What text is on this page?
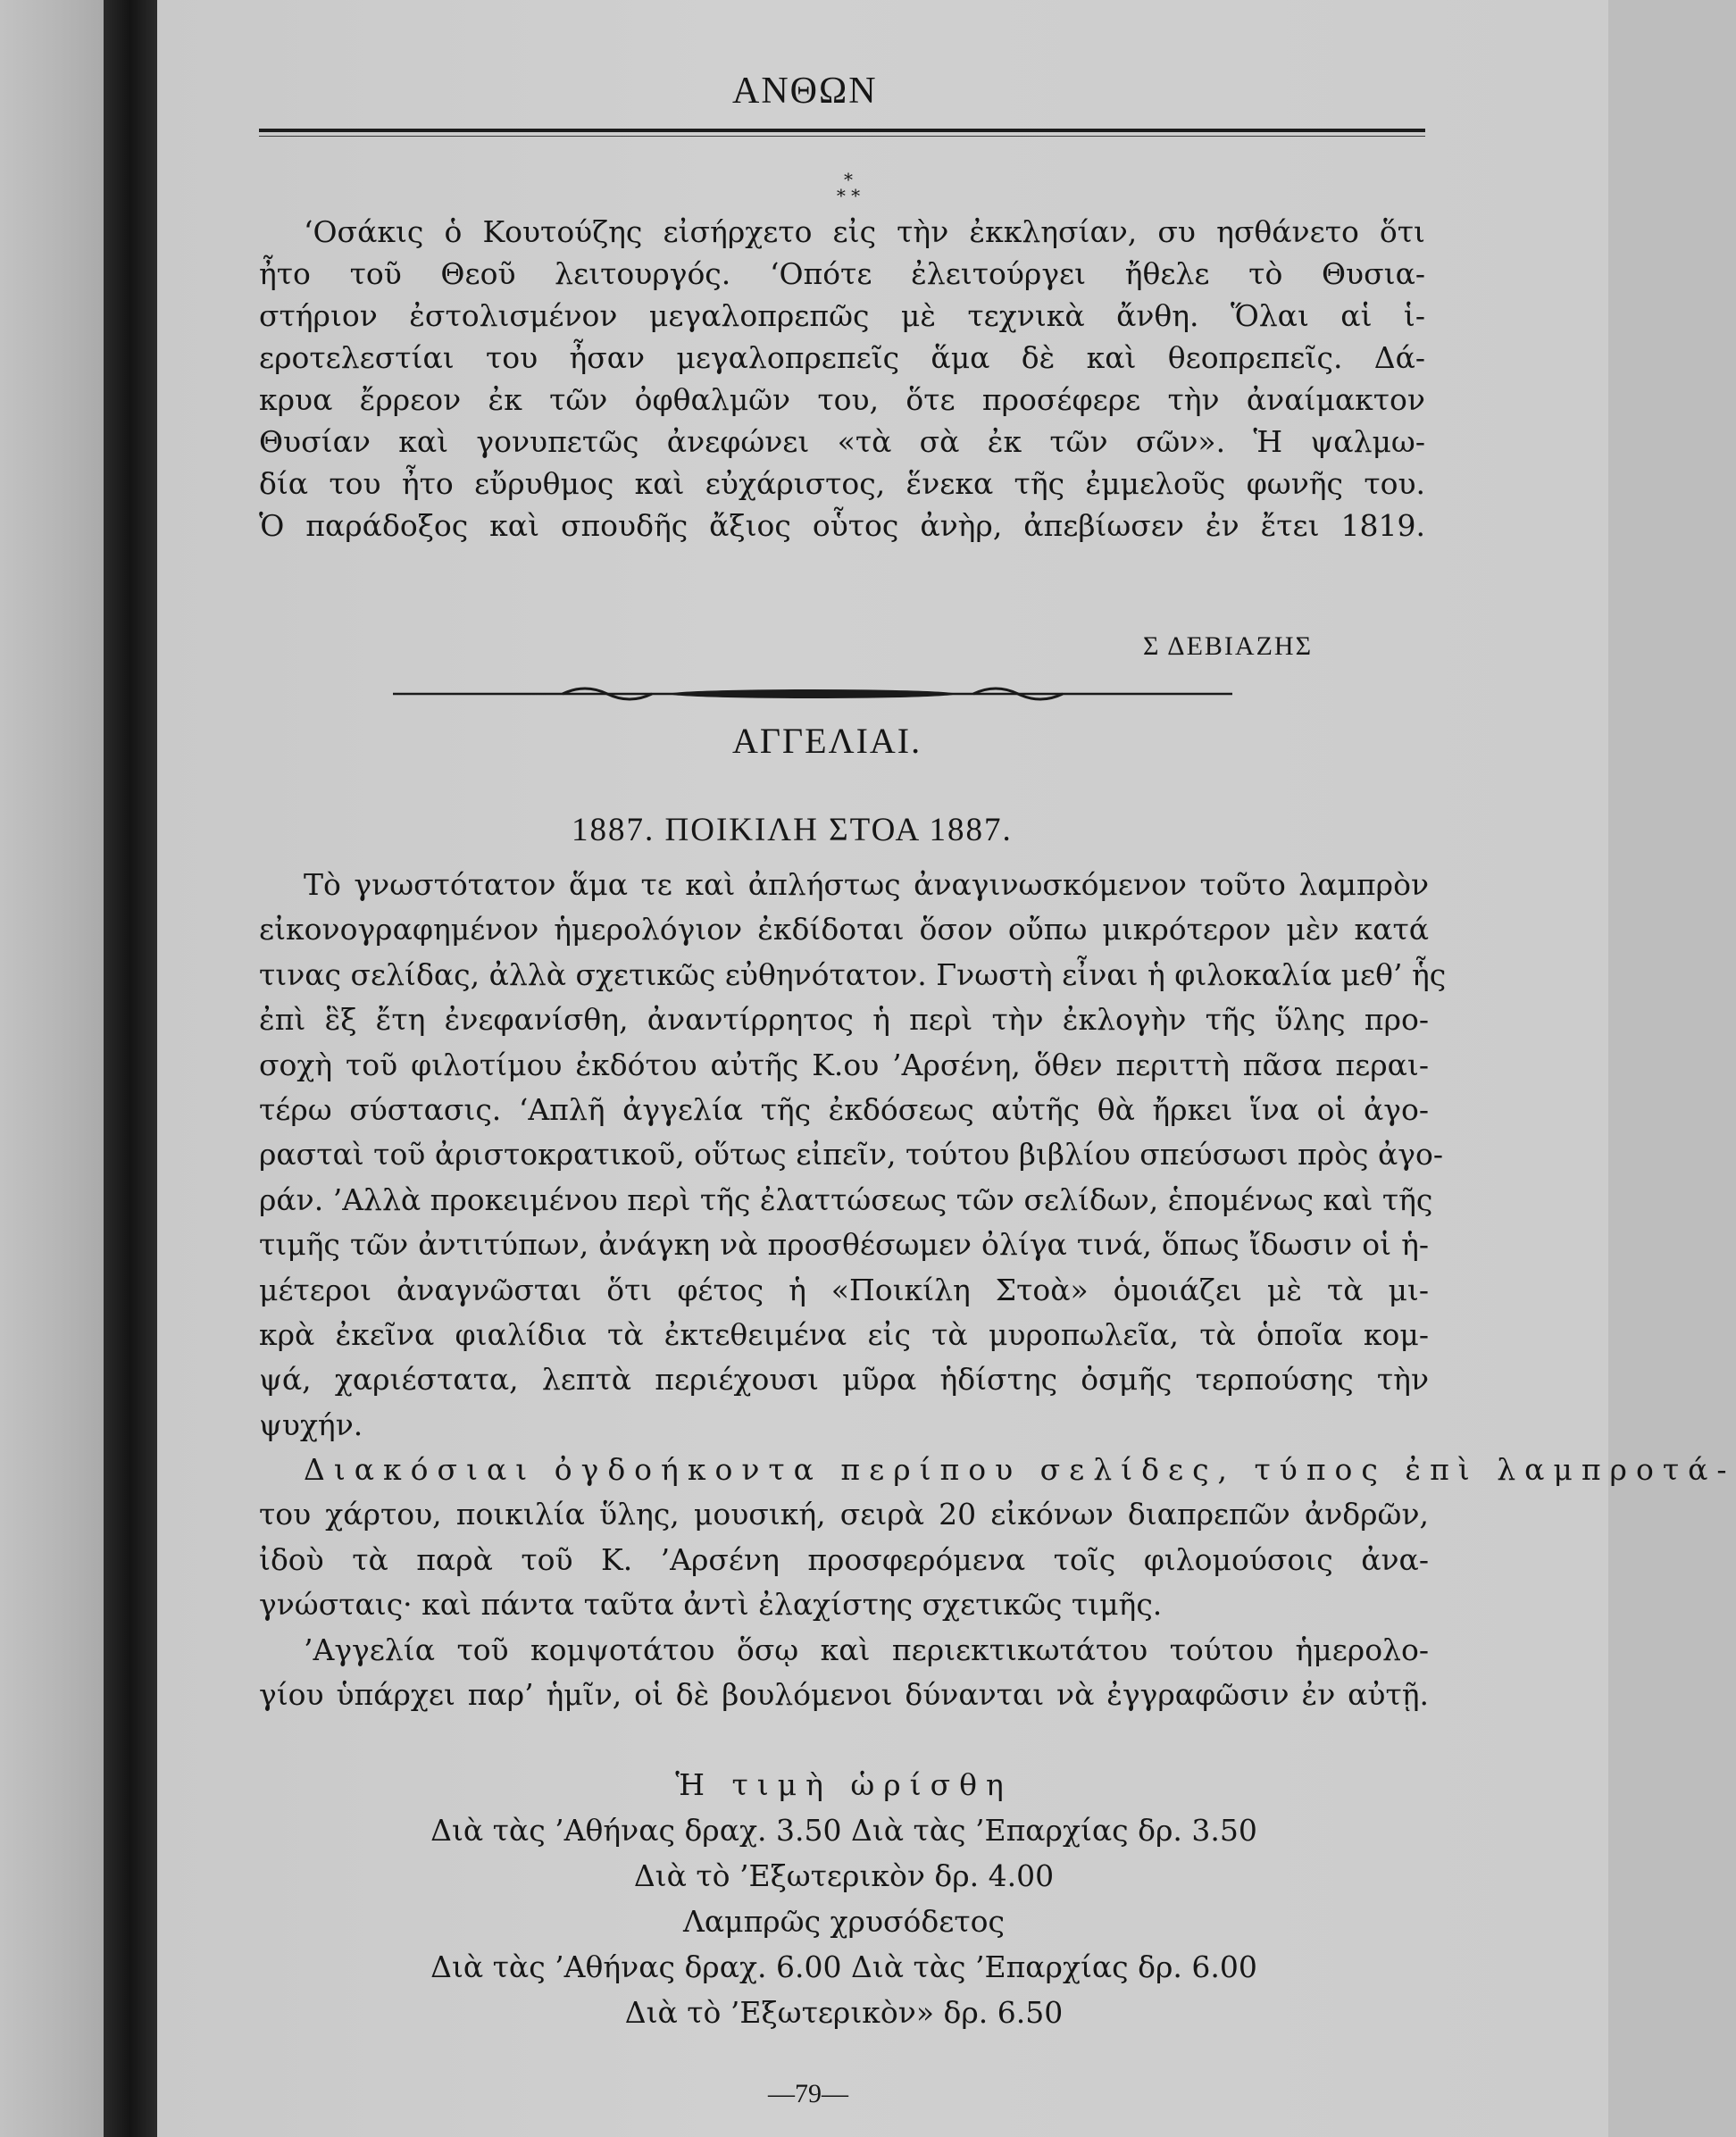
ΑΝΘΩΝ
*
* *
‘Οσάκις ὁ Κουτούζης εἰσήρχετο εἰς τὴν ἐκκλησίαν, συ ησθάνετο ὅτι
ἦτο τοῦ Θεοῦ λειτουργός. ‘Οπότε ἐλειτούργει ἤθελε τὸ Θυσια-
στήριον ἐστολισμένον μεγαλοπρεπῶς μὲ τεχνικὰ ἄνθη. Ὅλαι αἱ ἱ-
εροτελεστίαι του ἦσαν μεγαλοπρεπεῖς ἅμα δὲ καὶ θεοπρεπεῖς. Δά-
κρυα ἔρρεον ἐκ τῶν ὀφθαλμῶν του, ὅτε προσέφερε τὴν ἀναίμακτον
Θυσίαν καὶ γονυπετῶς ἀνεφώνει «τὰ σὰ ἐκ τῶν σῶν». Ἡ ψαλμω-
δία του ἦτο εὔρυθμος καὶ εὐχάριστος, ἕνεκα τῆς ἐμμελοῦς φωνῆς του.
Ὁ παράδοξος καὶ σπουδῆς ἄξιος οὗτος ἀνὴρ, ἀπεβίωσεν ἐν ἔτει 1819.
Σ ΔΕΒΙΑΖΗΣ
ΑΓΓΕΛΙΑΙ.
1887. ΠΟΙΚΙΛΗ ΣΤΟΑ 1887.
Τὸ γνωστότατον ἅμα τε καὶ ἀπλήστως ἀναγινωσκόμενον τοῦτο λαμπρὸν
εἰκονογραφημένον ἡμερολόγιον ἐκδίδοται ὅσον οὔπω μικρότερον μὲν κατά
τινας σελίδας, ἀλλὰ σχετικῶς εὐθηνότατον. Γνωστὴ εἶναι ἡ φιλοκαλία μεθ’ ἧς
ἐπὶ ἓξ ἔτη ἐνεφανίσθη, ἀναντίρρητος ἡ περὶ τὴν ἐκλογὴν τῆς ὕλης προ-
σοχὴ τοῦ φιλοτίμου ἐκδότου αὐτῆς Κ.ου ’Αρσένη, ὅθεν περιττὴ πᾶσα περαι-
τέρω σύστασις. ‘Απλῆ ἀγγελία τῆς ἐκδόσεως αὐτῆς θὰ ἤρκει ἵνα οἱ ἀγο-
ρασταὶ τοῦ ἀριστοκρατικοῦ, οὕτως εἰπεῖν, τούτου βιβλίου σπεύσωσι πρὸς ἀγο-
ράν. ’Αλλὰ προκειμένου περὶ τῆς ἐλαττώσεως τῶν σελίδων, ἑπομένως καὶ τῆς
τιμῆς τῶν ἀντιτύπων, ἀνάγκη νὰ προσθέσωμεν ὀλίγα τινά, ὅπως ἴδωσιν οἱ ἡ-
μέτεροι ἀναγνῶσται ὅτι φέτος ἡ «Ποικίλη Στοὰ» ὁμοιάζει μὲ τὰ μι-
κρὰ ἐκεῖνα φιαλίδια τὰ ἐκτεθειμένα εἰς τὰ μυροπωλεῖα, τὰ ὁποῖα κομ-
ψά, χαριέστατα, λεπτὰ περιέχουσι μῦρα ἡδίστης ὀσμῆς τερπούσης τὴν
ψυχήν.
Διακόσιαι ὀγδοήκοντα περίπου σελίδες, τύπος ἐπὶ λαμπροτά-
του χάρτου, ποικιλία ὕλης, μουσική, σειρὰ 20 εἰκόνων διαπρεπῶν ἀνδρῶν,
ἰδοὺ τὰ παρὰ τοῦ Κ. ’Αρσένη προσφερόμενα τοῖς φιλομούσοις ἀνα-
γνώσταις· καὶ πάντα ταῦτα ἀντὶ ἐλαχίστης σχετικῶς τιμῆς.
’Αγγελία τοῦ κομψοτάτου ὅσῳ καὶ περιεκτικωτάτου τούτου ἡμερολο-
γίου ὑπάρχει παρ’ ἡμῖν, οἱ δὲ βουλόμενοι δύνανται νὰ ἐγγραφῶσιν ἐν αὐτῇ.
Ἡ τιμὴ ὡρίσθη
Διὰ τὰς ’Αθήνας δραχ. 3.50 Διὰ τὰς ’Επαρχίας δρ. 3.50
Διὰ τὸ ’Εξωτερικὸν δρ. 4.00
Λαμπρῶς χρυσόδετος
Διὰ τὰς ’Αθήνας δραχ. 6.00 Διὰ τὰς ’Επαρχίας δρ. 6.00
Διὰ τὸ ’Εξωτερικὸν» δρ. 6.50
—79—
